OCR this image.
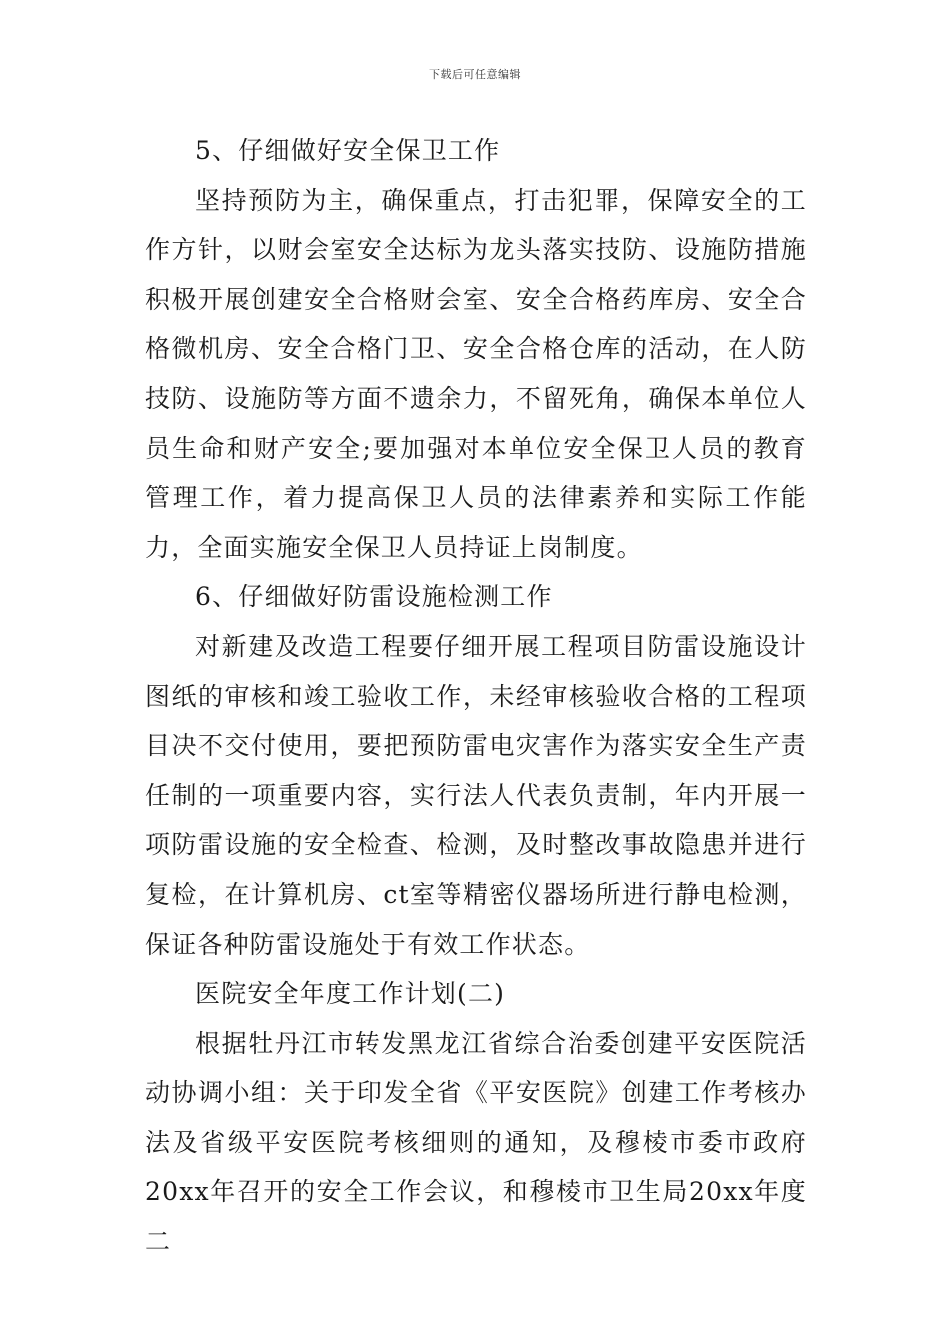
下载后可任意编辑

5、仔细做好安全保卫工作

坚持预防为主，确保重点，打击犯罪，保障安全的工作方针，以财会室安全达标为龙头落实技防、设施防措施积极开展创建安全合格财会室、安全合格药库房、安全合格微机房、安全合格门卫、安全合格仓库的活动，在人防技防、设施防等方面不遗余力，不留死角，确保本单位人员生命和财产安全;要加强对本单位安全保卫人员的教育管理工作，着力提高保卫人员的法律素养和实际工作能力，全面实施安全保卫人员持证上岗制度。

6、仔细做好防雷设施检测工作

对新建及改造工程要仔细开展工程项目防雷设施设计图纸的审核和竣工验收工作，未经审核验收合格的工程项目决不交付使用，要把预防雷电灾害作为落实安全生产责任制的一项重要内容，实行法人代表负责制，年内开展一项防雷设施的安全检查、检测，及时整改事故隐患并进行复检，在计算机房、ct室等精密仪器场所进行静电检测，保证各种防雷设施处于有效工作状态。

医院安全年度工作计划(二)

根据牡丹江市转发黑龙江省综合治委创建平安医院活动协调小组：关于印发全省《平安医院》创建工作考核办法及省级平安医院考核细则的通知，及穆棱市委市政府20xx年召开的安全工作会议，和穆棱市卫生局20xx年度二
